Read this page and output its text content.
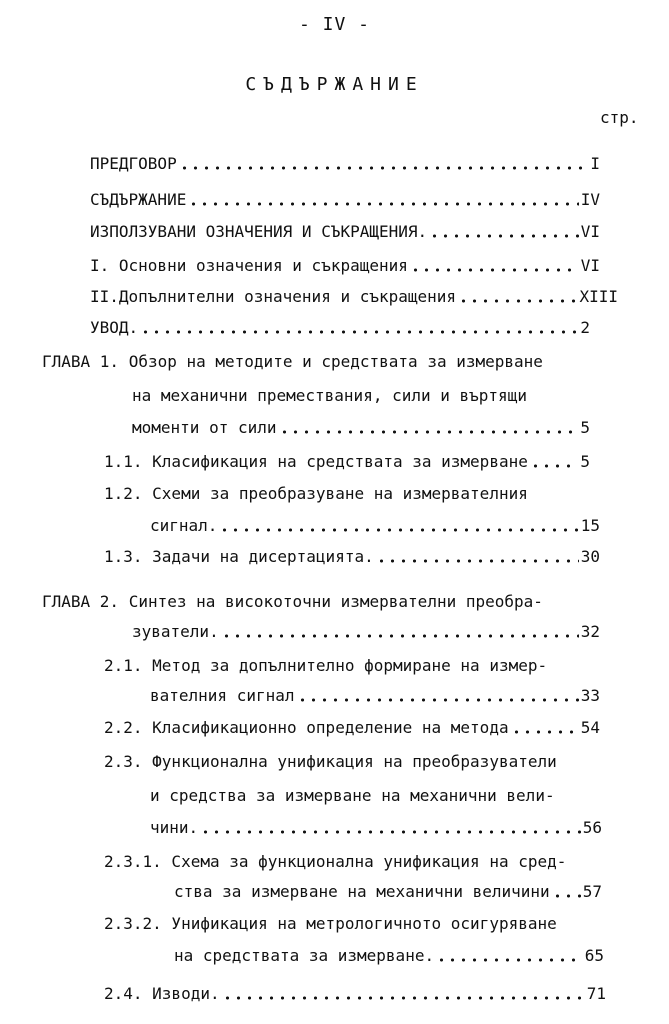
- IV -
СЪДЪРЖАНИЕ
стр.
ПРЕДГОВОР	I
СЪДЪРЖАНИЕ	IV
ИЗПОЛЗУВАНИ ОЗНАЧЕНИЯ И СЪКРАЩЕНИЯ.	VI
I. Основни означения и съкращения	VI
II.Допълнителни означения и съкращения	XIII
УВОД.	2
ГЛАВА 1. Обзор на методите и средствата за измерване
на механични премествания, сили и въртящи
моменти от сили	5
1.1. Класификация на средствата за измерване	5
1.2. Схеми за преобразуване на измервателния
сигнал.	15
1.3. Задачи на дисертацията.	30
ГЛАВА 2. Синтез на високоточни измервателни преобра-
зуватели.	32
2.1. Метод за допълнително формиране на измер-
вателния сигнал	33
2.2. Класификационно определение на метода	54
2.3. Функционална унификация на преобразуватели
и средства за измерване на механични вели-
чини.	56
2.3.1. Схема за функционална унификация на сред-
ства за измерване на механични величини 57
2.3.2. Унификация на метрологичното осигуряване
на средствата за измерване.	65
2.4. Изводи.	71
